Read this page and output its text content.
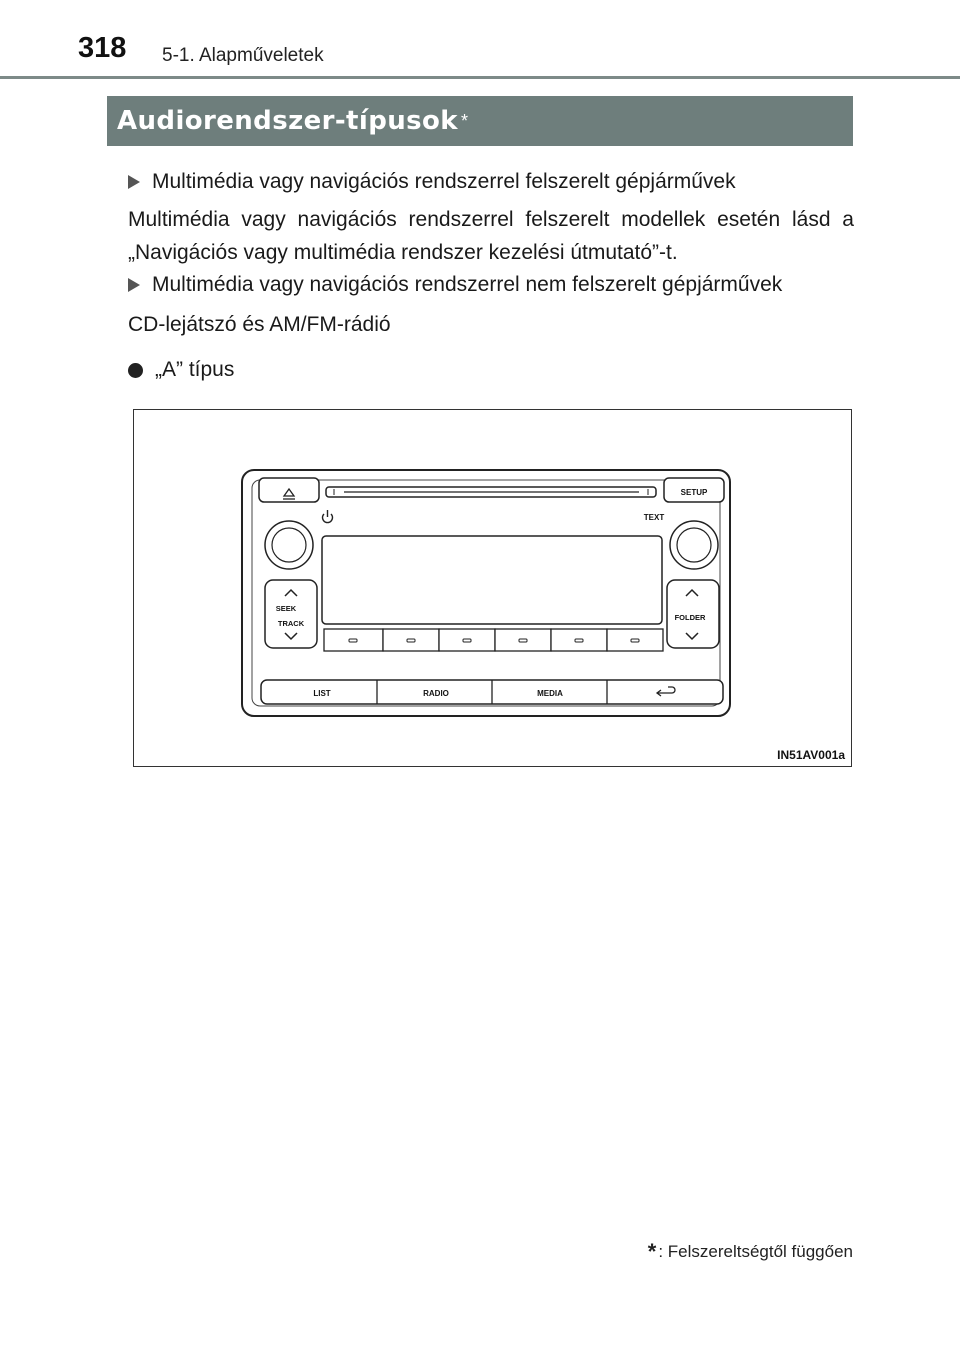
318 5-1. Alapműveletek
Audiorendszer-típusok *
Multimédia vagy navigációs rendszerrel felszerelt gépjárművek
Multimédia vagy navigációs rendszerrel felszerelt modellek esetén lásd a „Navigációs vagy multimédia rendszer kezelési útmutató”-t.
Multimédia vagy navigációs rendszerrel nem felszerelt gépjárművek
CD-lejátszó és AM/FM-rádió
„A” típus
SETUP
TEXT
SEEK
TRACK
FOLDER
LIST	RADIO	MEDIA
IN51AV001a
* : Felszereltségtől függően
